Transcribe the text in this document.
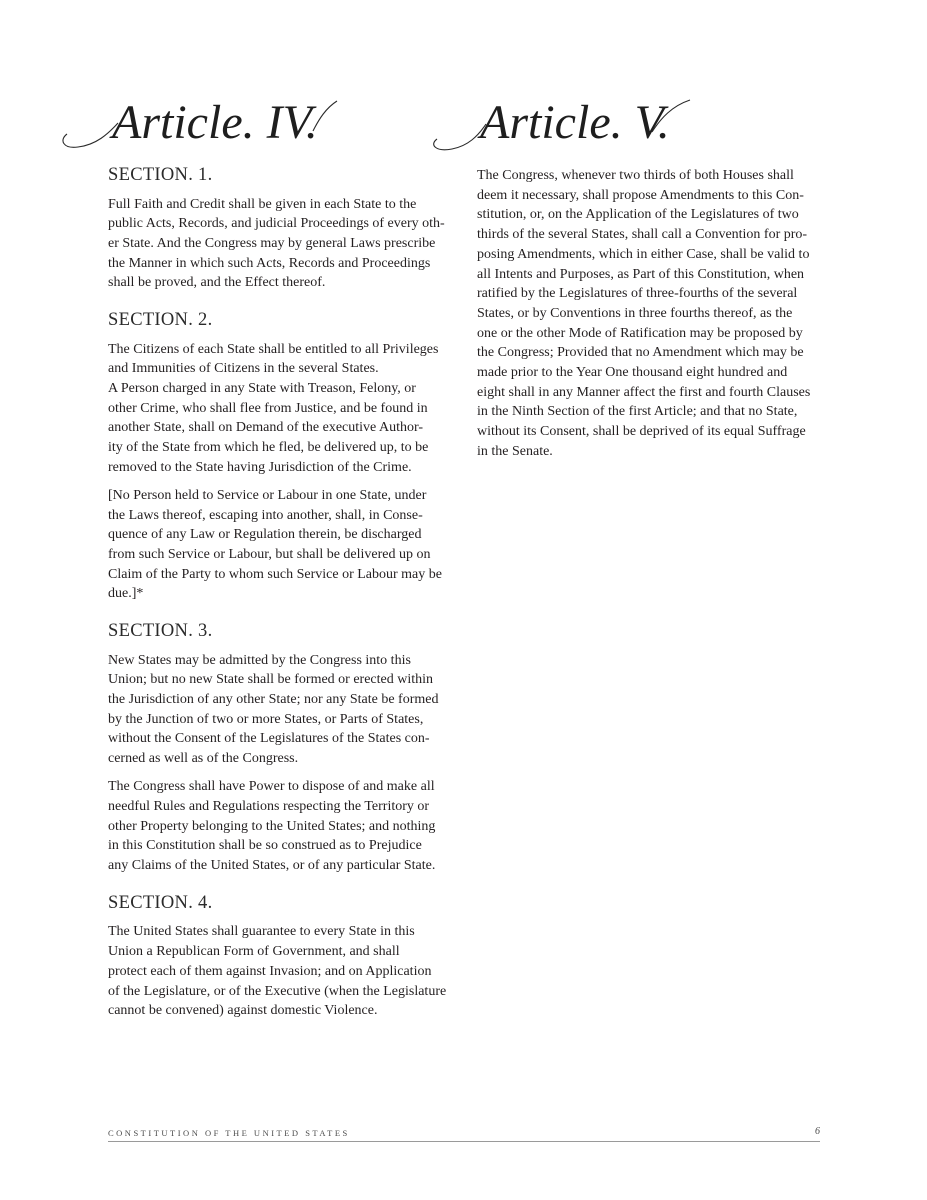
Article. IV.	Article. V.
SECTION. 1.
Full Faith and Credit shall be given in each State to the
public Acts, Records, and judicial Proceedings of every oth-
er State. And the Congress may by general Laws prescribe
the Manner in which such Acts, Records and Proceedings
shall be proved, and the Effect thereof.
SECTION. 2.
The Citizens of each State shall be entitled to all Privileges
and Immunities of Citizens in the several States.
A Person charged in any State with Treason, Felony, or
other Crime, who shall flee from Justice, and be found in
another State, shall on Demand of the executive Author-
ity of the State from which he fled, be delivered up, to be
removed to the State having Jurisdiction of the Crime.
[No Person held to Service or Labour in one State, under
the Laws thereof, escaping into another, shall, in Conse-
quence of any Law or Regulation therein, be discharged
from such Service or Labour, but shall be delivered up on
Claim of the Party to whom such Service or Labour may be
due.]*
SECTION. 3.
New States may be admitted by the Congress into this
Union; but no new State shall be formed or erected within
the Jurisdiction of any other State; nor any State be formed
by the Junction of two or more States, or Parts of States,
without the Consent of the Legislatures of the States con-
cerned as well as of the Congress.
The Congress shall have Power to dispose of and make all
needful Rules and Regulations respecting the Territory or
other Property belonging to the United States; and nothing
in this Constitution shall be so construed as to Prejudice
any Claims of the United States, or of any particular State.
SECTION. 4.
The United States shall guarantee to every State in this
Union a Republican Form of Government, and shall
protect each of them against Invasion; and on Application
of the Legislature, or of the Executive (when the Legislature
cannot be convened) against domestic Violence.
The Congress, whenever two thirds of both Houses shall
deem it necessary, shall propose Amendments to this Con-
stitution, or, on the Application of the Legislatures of two
thirds of the several States, shall call a Convention for pro-
posing Amendments, which in either Case, shall be valid to
all Intents and Purposes, as Part of this Constitution, when
ratified by the Legislatures of three-fourths of the several
States, or by Conventions in three fourths thereof, as the
one or the other Mode of Ratification may be proposed by
the Congress; Provided that no Amendment which may be
made prior to the Year One thousand eight hundred and
eight shall in any Manner affect the first and fourth Clauses
in the Ninth Section of the first Article; and that no State,
without its Consent, shall be deprived of its equal Suffrage
in the Senate.
CONSTITUTION OF THE UNITED STATES	6
